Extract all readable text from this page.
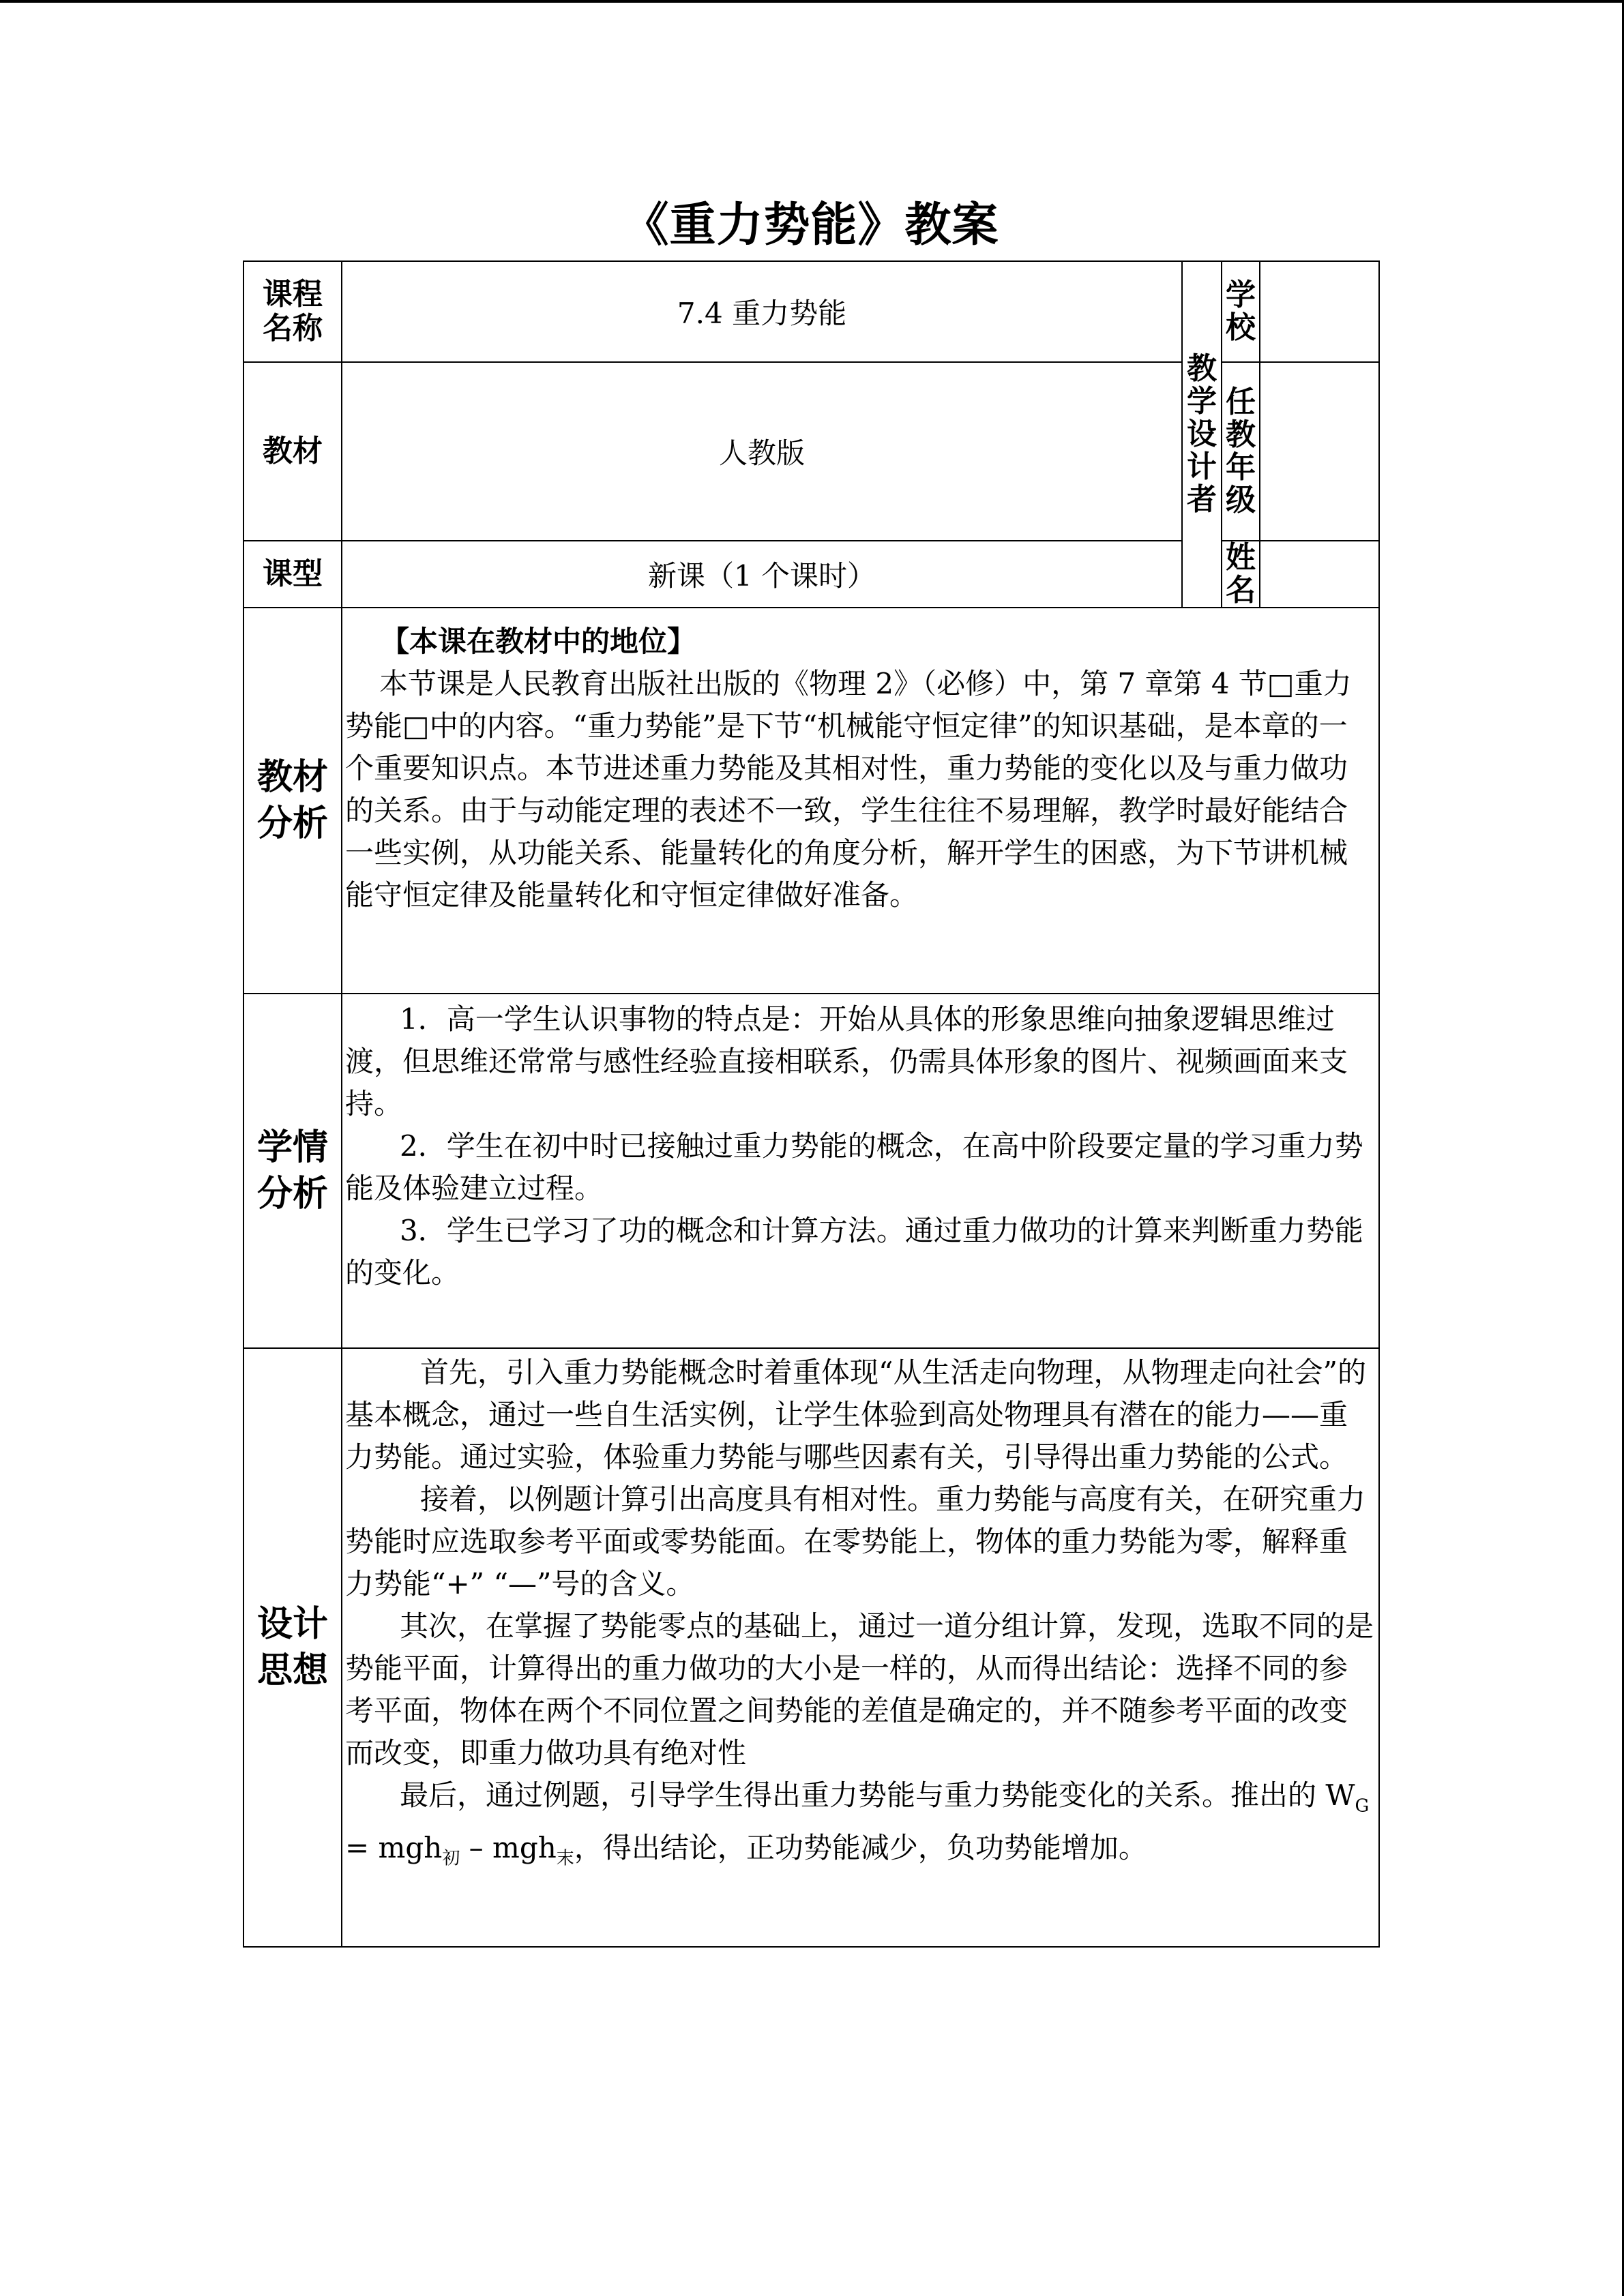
《重力势能》教案
课程名称	7.4 重力势能	教学设计者	学校	

教材	人教版		任教年级	

课型	新课（1 个课时）		姓名	

教材分析	【本课在教材中的地位】

本节课是人民教育出版社出版的《物理 2》（必修）中，第 7 章第 4 节□重力势能□中的内容。“重力势能”是下节“机械能守恒定律”的知识基础，是本章的一个重要知识点。本节进述重力势能及其相对性，重力势能的变化以及与重力做功的关系。由于与动能定理的表述不一致，学生往往不易理解，教学时最好能结合一些实例，从功能关系、能量转化的角度分析，解开学生的困惑，为下节讲机械能守恒定律及能量转化和守恒定律做好准备。			

学情分析	1．高一学生认识事物的特点是：开始从具体的形象思维向抽象逻辑思维过渡，但思维还常常与感性经验直接相联系，仍需具体形象的图片、视频画面来支持。

2．学生在初中时已接触过重力势能的概念，在高中阶段要定量的学习重力势能及体验建立过程。

3．学生已学习了功的概念和计算方法。通过重力做功的计算来判断重力势能的变化。			

设计思想	首先，引入重力势能概念时着重体现“从生活走向物理，从物理走向社会”的基本概念，通过一些自生活实例，让学生体验到高处物理具有潜在的能力——重力势能。通过实验，体验重力势能与哪些因素有关，引导得出重力势能的公式。

接着，以例题计算引出高度具有相对性。重力势能与高度有关，在研究重力势能时应选取参考平面或零势能面。在零势能上，物体的重力势能为零，解释重力势能“+” “—”号的含义。

其次，在掌握了势能零点的基础上，通过一道分组计算，发现，选取不同的是势能平面，计算得出的重力做功的大小是一样的，从而得出结论：选择不同的参考平面，物体在两个不同位置之间势能的差值是确定的，并不随参考平面的改变而改变，即重力做功具有绝对性

最后，通过例题，引导学生得出重力势能与重力势能变化的关系。推出的 $W_G = mgh_初 - mgh_末$，得出结论，正功势能减少，负功势能增加。			
